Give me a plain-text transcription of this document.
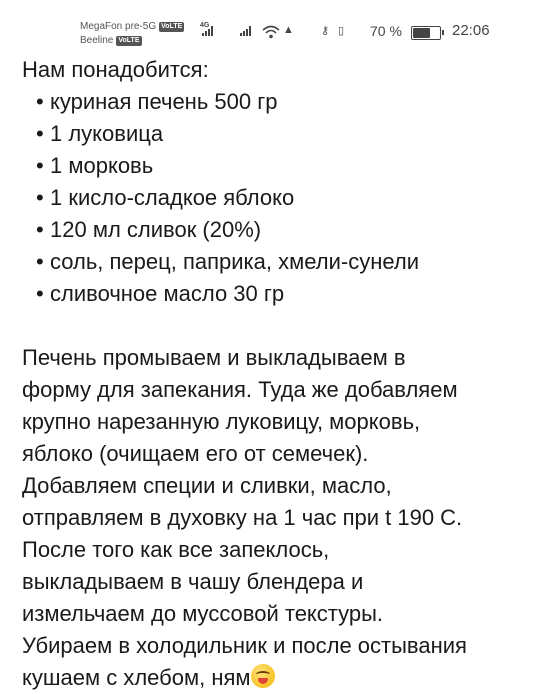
MegaFon pre-5G VoLTE
Beeline VoLTE
4G	▲ ⚷ ▯ 70 %	22:06

Нам понадобится:

• куриная печень 500 гр
• 1 луковица
• 1 морковь
• 1 кисло-сладкое яблоко
• 120 мл сливок (20%)
• соль, перец, паприка, хмели-сунели
• сливочное масло 30 гр
Печень промываем и выкладываем в
форму для запекания. Туда же добавляем
крупно нарезанную луковицу, морковь,
яблоко (очищаем его от семечек).
Добавляем специи и сливки, масло,
отправляем в духовку на 1 час при t 190 С.
После того как все запеклось,
выкладываем в чашу блендера и
измельчаем до муссовой текстуры.
Убираем в холодильник и после остывания
кушаем с хлебом, ням
